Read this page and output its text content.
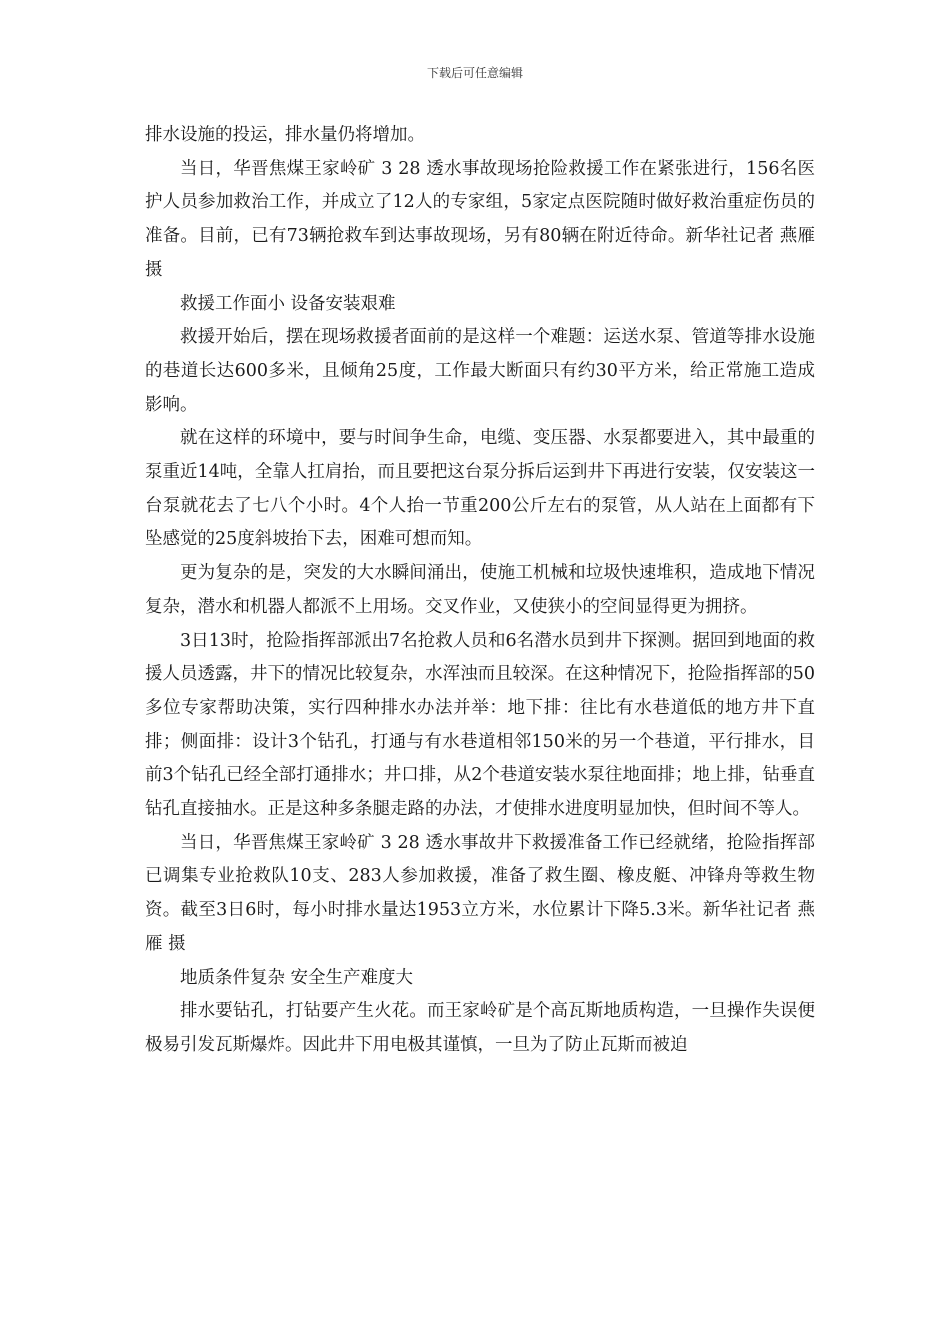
下载后可任意编辑

排水设施的投运，排水量仍将增加。

当日，华晋焦煤王家岭矿 3 28 透水事故现场抢险救援工作在紧张进行，156名医护人员参加救治工作，并成立了12人的专家组，5家定点医院随时做好救治重症伤员的准备。目前，已有73辆抢救车到达事故现场，另有80辆在附近待命。新华社记者 燕雁 摄

救援工作面小 设备安装艰难

救援开始后，摆在现场救援者面前的是这样一个难题：运送水泵、管道等排水设施的巷道长达600多米，且倾角25度，工作最大断面只有约30平方米，给正常施工造成影响。

就在这样的环境中，要与时间争生命，电缆、变压器、水泵都要进入，其中最重的泵重近14吨，全靠人扛肩抬，而且要把这台泵分拆后运到井下再进行安装，仅安装这一台泵就花去了七八个小时。4个人抬一节重200公斤左右的泵管，从人站在上面都有下坠感觉的25度斜坡抬下去，困难可想而知。

更为复杂的是，突发的大水瞬间涌出，使施工机械和垃圾快速堆积，造成地下情况复杂，潜水和机器人都派不上用场。交叉作业，又使狭小的空间显得更为拥挤。

3日13时，抢险指挥部派出7名抢救人员和6名潜水员到井下探测。据回到地面的救援人员透露，井下的情况比较复杂，水浑浊而且较深。在这种情况下，抢险指挥部的50多位专家帮助决策，实行四种排水办法并举：地下排：往比有水巷道低的地方井下直排；侧面排：设计3个钻孔，打通与有水巷道相邻150米的另一个巷道，平行排水，目前3个钻孔已经全部打通排水；井口排，从2个巷道安装水泵往地面排；地上排，钻垂直钻孔直接抽水。正是这种多条腿走路的办法，才使排水进度明显加快，但时间不等人。

当日，华晋焦煤王家岭矿 3 28 透水事故井下救援准备工作已经就绪，抢险指挥部已调集专业抢救队10支、283人参加救援，准备了救生圈、橡皮艇、冲锋舟等救生物资。截至3日6时，每小时排水量达1953立方米，水位累计下降5.3米。新华社记者 燕雁 摄

地质条件复杂 安全生产难度大

排水要钻孔，打钻要产生火花。而王家岭矿是个高瓦斯地质构造，一旦操作失误便极易引发瓦斯爆炸。因此井下用电极其谨慎，一旦为了防止瓦斯而被迫
